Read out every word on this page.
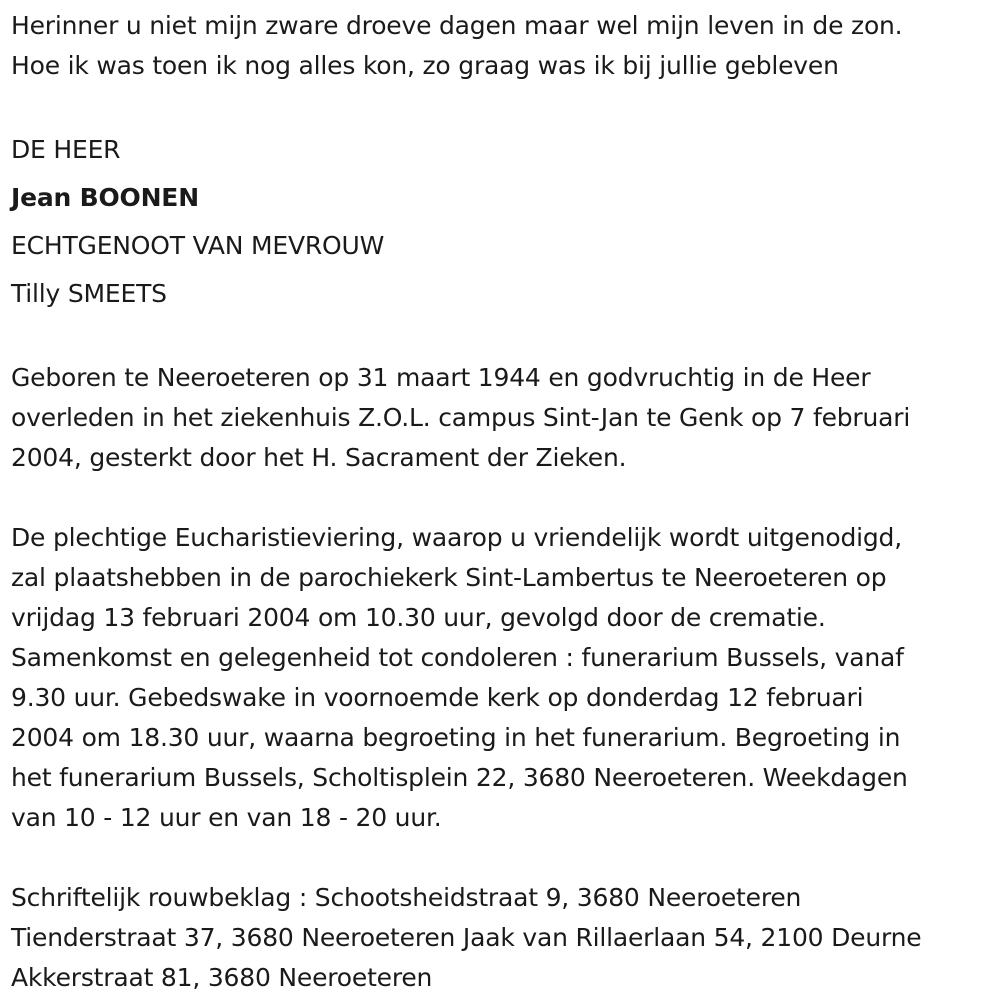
Herinner u niet mijn zware droeve dagen maar wel mijn leven in de zon.
Hoe ik was toen ik nog alles kon, zo graag was ik bij jullie gebleven
DE HEER
Jean BOONEN
ECHTGENOOT VAN MEVROUW
Tilly SMEETS
Geboren te Neeroeteren op 31 maart 1944 en godvruchtig in de Heer
overleden in het ziekenhuis Z.O.L. campus Sint-Jan te Genk op 7 februari
2004, gesterkt door het H. Sacrament der Zieken.
De plechtige Eucharistieviering, waarop u vriendelijk wordt uitgenodigd,
zal plaatshebben in de parochiekerk Sint-Lambertus te Neeroeteren op
vrijdag 13 februari 2004 om 10.30 uur, gevolgd door de crematie.
Samenkomst en gelegenheid tot condoleren : funerarium Bussels, vanaf
9.30 uur. Gebedswake in voornoemde kerk op donderdag 12 februari
2004 om 18.30 uur, waarna begroeting in het funerarium. Begroeting in
het funerarium Bussels, Scholtisplein 22, 3680 Neeroeteren. Weekdagen
van 10 - 12 uur en van 18 - 20 uur.
Schriftelijk rouwbeklag : Schootsheidstraat 9, 3680 Neeroeteren
Tienderstraat 37, 3680 Neeroeteren Jaak van Rillaerlaan 54, 2100 Deurne
Akkerstraat 81, 3680 Neeroeteren
